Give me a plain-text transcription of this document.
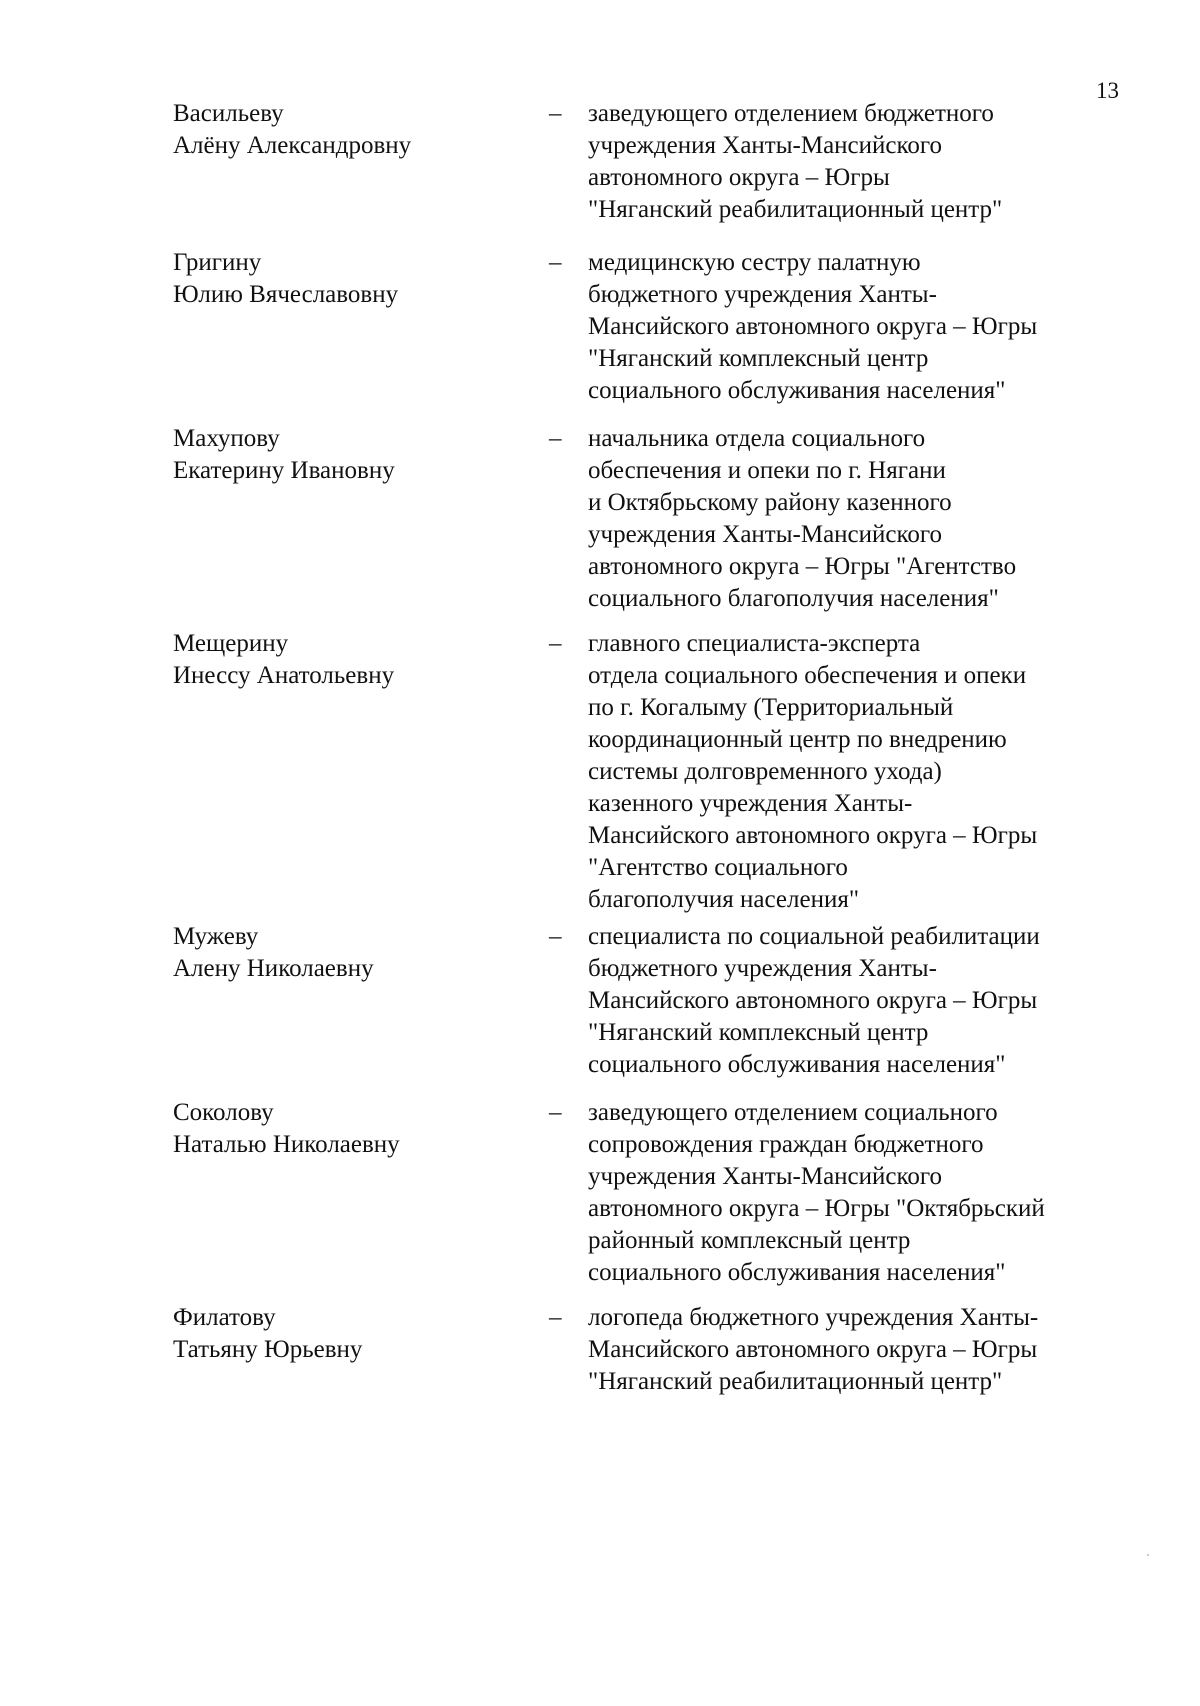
13
Васильеву
Алёну Александровну
– заведующего отделением бюджетного
учреждения Ханты-Мансийского
автономного округа – Югры
"Няганский реабилитационный центр"
Григину
Юлию Вячеславовну
– медицинскую сестру палатную
бюджетного учреждения Ханты-
Мансийского автономного округа – Югры
"Няганский комплексный центр
социального обслуживания населения"
Махупову
Екатерину Ивановну
– начальника отдела социального
обеспечения и опеки по г. Нягани
и Октябрьскому району казенного
учреждения Ханты-Мансийского
автономного округа – Югры "Агентство
социального благополучия населения"
Мещерину
Инессу Анатольевну
– главного специалиста-эксперта
отдела социального обеспечения и опеки
по г. Когалыму (Территориальный
координационный центр по внедрению
системы долговременного ухода)
казенного учреждения Ханты-
Мансийского автономного округа – Югры
"Агентство социального
благополучия населения"
Мужеву
Алену Николаевну
– специалиста по социальной реабилитации
бюджетного учреждения Ханты-
Мансийского автономного округа – Югры
"Няганский комплексный центр
социального обслуживания населения"
Соколову
Наталью Николаевну
– заведующего отделением социального
сопровождения граждан бюджетного
учреждения Ханты-Мансийского
автономного округа – Югры "Октябрьский
районный комплексный центр
социального обслуживания населения"
Филатову
Татьяну Юрьевну
– логопеда бюджетного учреждения Ханты-
Мансийского автономного округа – Югры
"Няганский реабилитационный центр"
